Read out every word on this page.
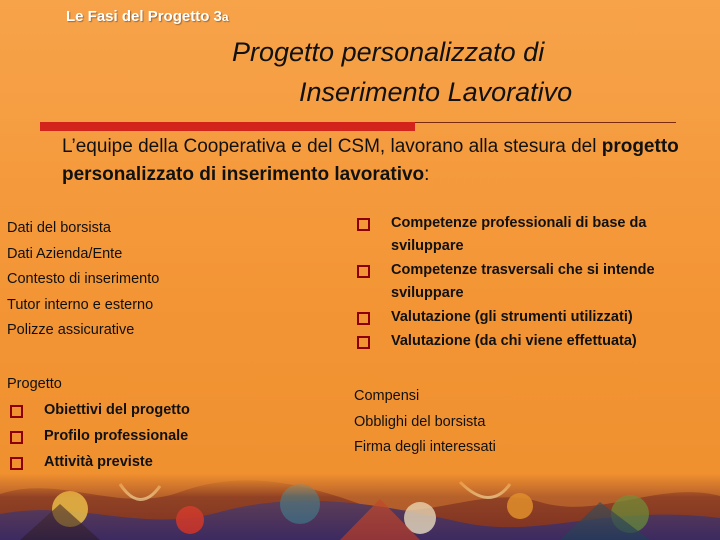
Le Fasi del Progetto 3a
Progetto personalizzato di
Inserimento Lavorativo
L’equipe della Cooperativa e del CSM, lavorano alla stesura del progetto personalizzato di inserimento lavorativo:
Dati del borsista
Dati Azienda/Ente
Contesto di inserimento
Tutor interno e esterno
Polizze assicurative
Competenze professionali di base da sviluppare
Competenze trasversali che si intende sviluppare
Valutazione (gli strumenti utilizzati)
Valutazione (da chi viene effettuata)
Progetto
Obiettivi del progetto
Profilo professionale
Attività previste
Compensi
Obblighi del borsista
Firma degli interessati
